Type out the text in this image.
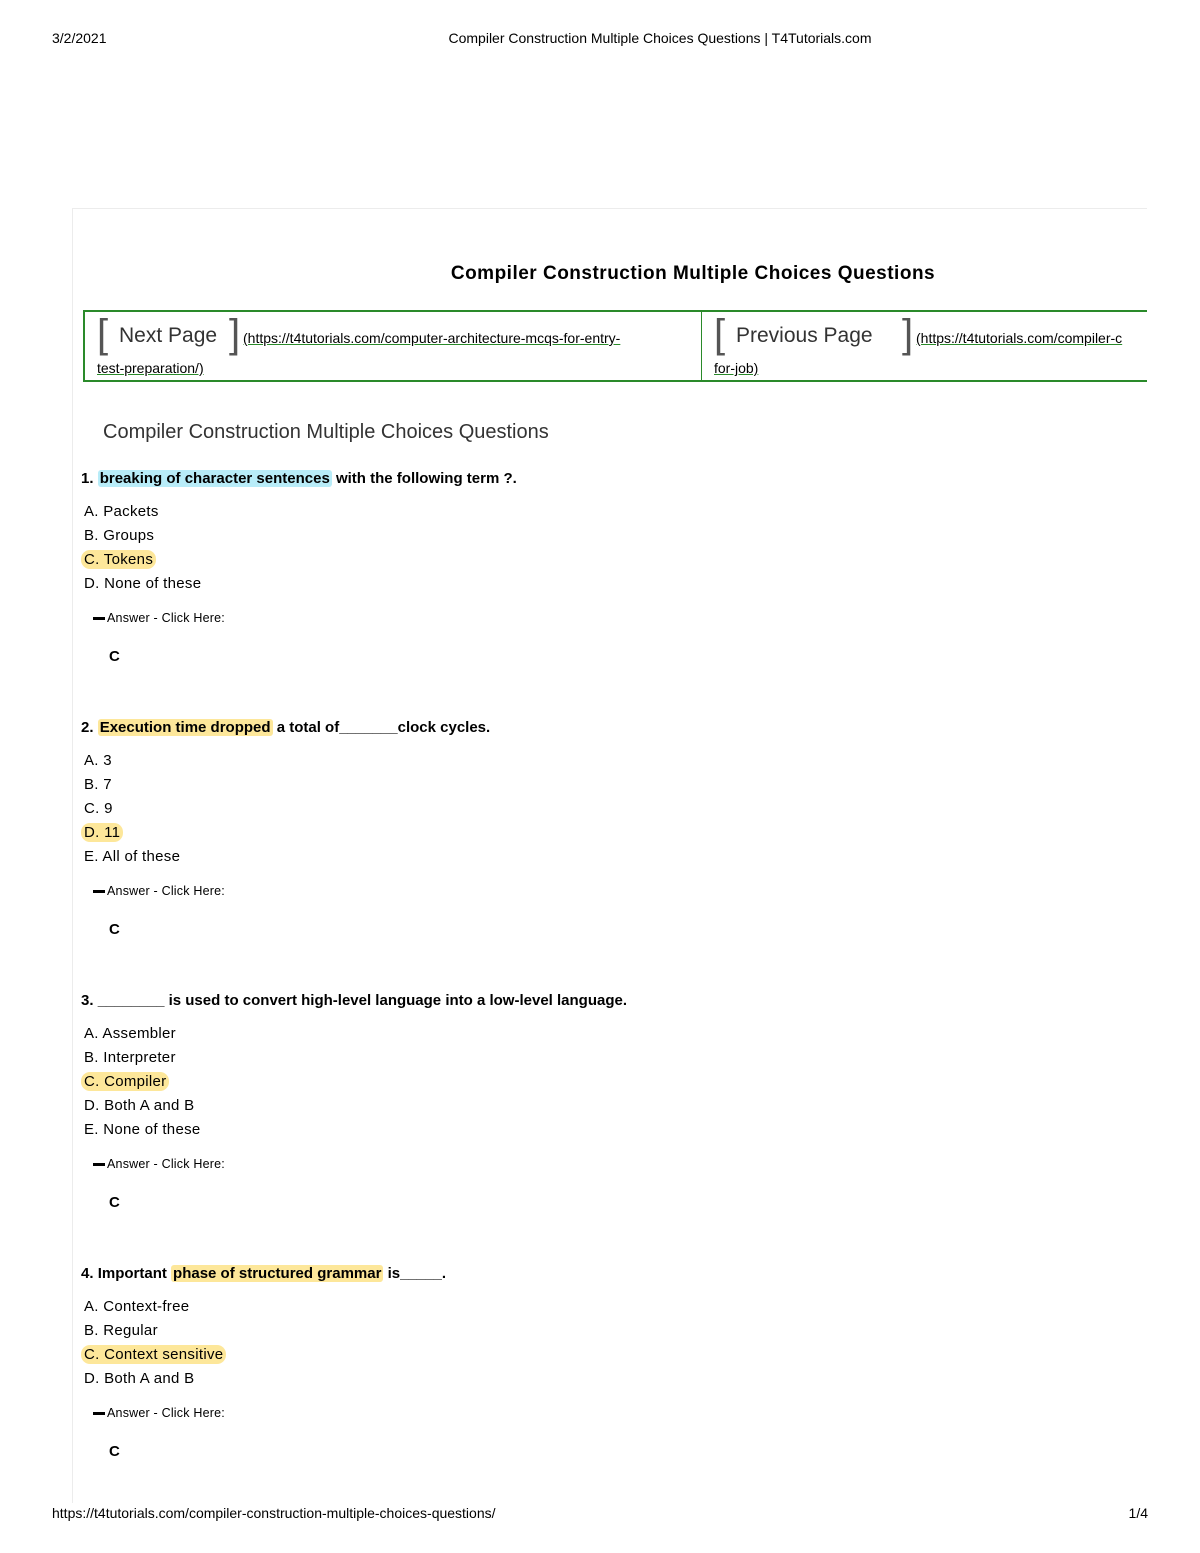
3/2/2021	Compiler Construction Multiple Choices Questions | T4Tutorials.com
Compiler Construction Multiple Choices Questions
[ Next Page ] (https://t4tutorials.com/computer-architecture-mcqs-for-entry-
test-preparation/)
[ Previous Page ] (https://t4tutorials.com/compiler-c
for-job)
Compiler Construction Multiple Choices Questions
1. breaking of character sentences with the following term ?.
A. Packets
B. Groups
C. Tokens
D. None of these
Answer - Click Here:
C
2. Execution time dropped a total of_______clock cycles.
A. 3
B. 7
C. 9
D. 11
E. All of these
Answer - Click Here:
C
3. ________ is used to convert high-level language into a low-level language.
A. Assembler
B. Interpreter
C. Compiler
D. Both A and B
E. None of these
Answer - Click Here:
C
4. Important phase of structured grammar is_____.
A. Context-free
B. Regular
C. Context sensitive
D. Both A and B
Answer - Click Here:
C
https://t4tutorials.com/compiler-construction-multiple-choices-questions/	1/4
